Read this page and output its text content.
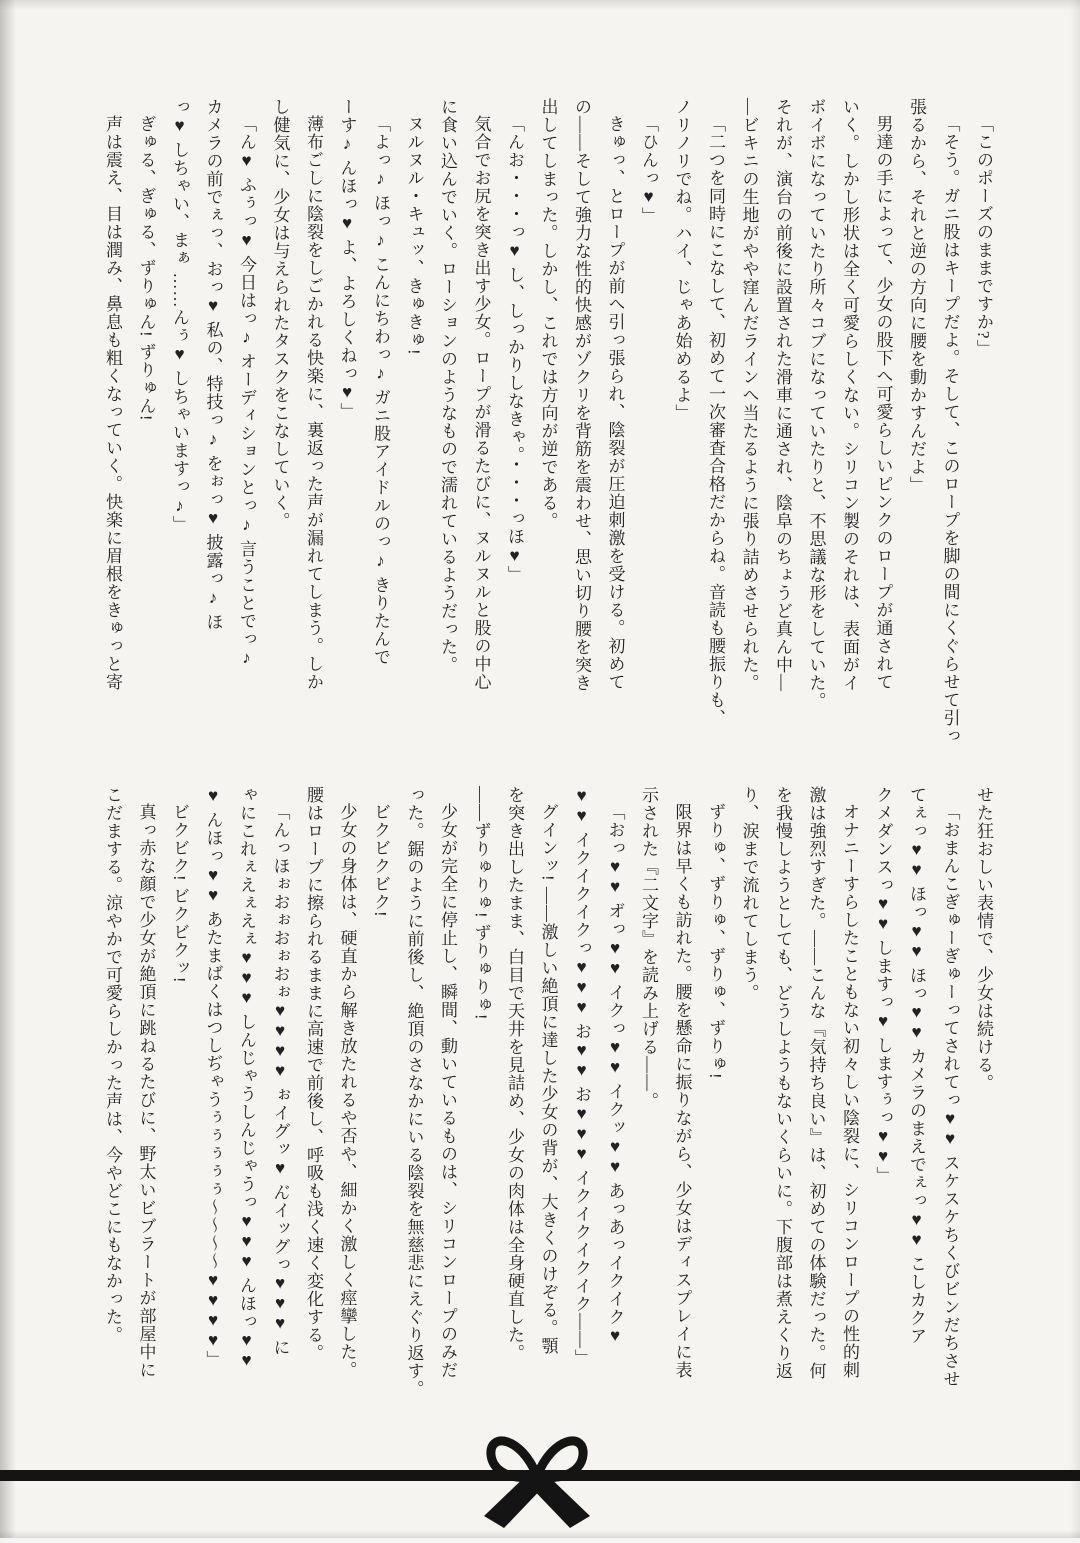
「このポーズのままですか?」

「そう。ガニ股はキープだよ。そして、このロープを脚の間にくぐらせて引っ

張るから、それと逆の方向に腰を動かすんだよ」

男達の手によって、少女の股下へ可愛らしいピンクのロープが通されて

いく。しかし形状は全く可愛らしくない。シリコン製のそれは、表面がイ

ボイボになっていたり所々コブになっていたりと、不思議な形をしていた。

それが、演台の前後に設置された滑車に通され、陰阜のちょうど真ん中―

―ビキニの生地がやや窪んだラインへ当たるように張り詰めさせられた。

「二つを同時にこなして、初めて一次審査合格だからね。音読も腰振りも、

ノリノリでね。ハイ、じゃあ始めるよ」

「ひんっ♥」

きゅっ、とロープが前へ引っ張られ、陰裂が圧迫刺激を受ける。初めて

の――そして強力な性的快感がゾクリを背筋を震わせ、思い切り腰を突き

出してしまった。しかし、これでは方向が逆である。

「んお・・・っ♥ し、しっかりしなきゃ。・・・っほ♥」

気合でお尻を突き出す少女。ロープが滑るたびに、ヌルヌルと股の中心

に食い込んでいく。ローションのようなもので濡れているようだった。

ヌルヌル・キュッ、きゅきゅ!

「よっ♪ ほっ♪ こんにちわっ♪ ガニ股アイドルのっ♪ きりたんで

ーす♪ んほっ♥ よ、よろしくねっ♥」

薄布ごしに陰裂をしごかれる快楽に、裏返った声が漏れてしまう。しか

し健気に、少女は与えられたタスクをこなしていく。

「ん♥ ふぅっ♥ 今日はっ♪ オーディションとっ♪ 言うことでっ♪

カメラの前でぇっ、おっ♥ 私の、特技っ♪ をぉっ♥ 披露っ♪ ほ

っ♥ しちゃい、まぁ ……んぅ♥ しちゃいますっ♪」

ぎゅる、ぎゅる、ずりゅん! ずりゅん!

声は震え、目は潤み、鼻息も粗くなっていく。快楽に眉根をきゅっと寄

せた狂おしい表情で、少女は続ける。

「おまんこぎゅーぎゅーってされてっ♥♥ スケスケちくびビンだちさせ

てぇっ♥♥ ほっ♥♥ ほっ♥♥ カメラのまえでぇっ♥♥ こしカクア

クメダンスっ♥♥ しますっ♥ しますぅっ♥♥」

オナニーすらしたこともない初々しい陰裂に、シリコンロープの性的刺

激は強烈すぎた。――こんな『気持ち良い』は、初めての体験だった。何

を我慢しようとしても、どうしようもないくらいに。下腹部は煮えくり返

り、涙まで流れてしまう。

ずりゅ、ずりゅ、ずりゅ、ずりゅ!

限界は早くも訪れた。腰を懸命に振りながら、少女はディスプレイに表

示された『二文字』を読み上げる――。

「おっ♥♥ オ゙っ♥♥ イクっ♥♥ イクッ♥♥ あっあっイクイク♥

♥♥ イクイクイクっ♥♥♥ お♥♥ お♥♥♥ イクイクイクイク――」

グインッ! ――激しい絶頂に達した少女の背が、大きくのけぞる。顎

を突き出したまま、白目で天井を見詰め、少女の肉体は全身硬直した。

――ずりゅりゅ! ずりゅりゅ!

少女が完全に停止し、瞬間、動いているものは、シリコンロープのみだ

った。鋸のように前後し、絶頂のさなかにいる陰裂を無慈悲にえぐり返す。

ビクビクビク!

少女の身体は、硬直から解き放たれるや否や、細かく激しく痙攣した。

腰はロープに擦られるままに高速で前後し、呼吸も浅く速く変化する。

「んっほぉおぉおぉおぉ♥♥♥♥ ぉイグッ♥ ん゙イッグっ♥♥♥ に

ゃにこれぇえぇえぇ♥♥♥ しんじゃうしんじゃうっ♥♥♥ んほっ♥♥

♥ んほっ♥♥ あたまばくはつしぢゃうぅぅぅぅぅ〜〜〜〜♥♥♥♥」

ビクビク! ビクビクッ!

真っ赤な顔で少女が絶頂に跳ねるたびに、野太いビブラートが部屋中に

こだまする。涼やかで可愛らしかった声は、今やどこにもなかった。
